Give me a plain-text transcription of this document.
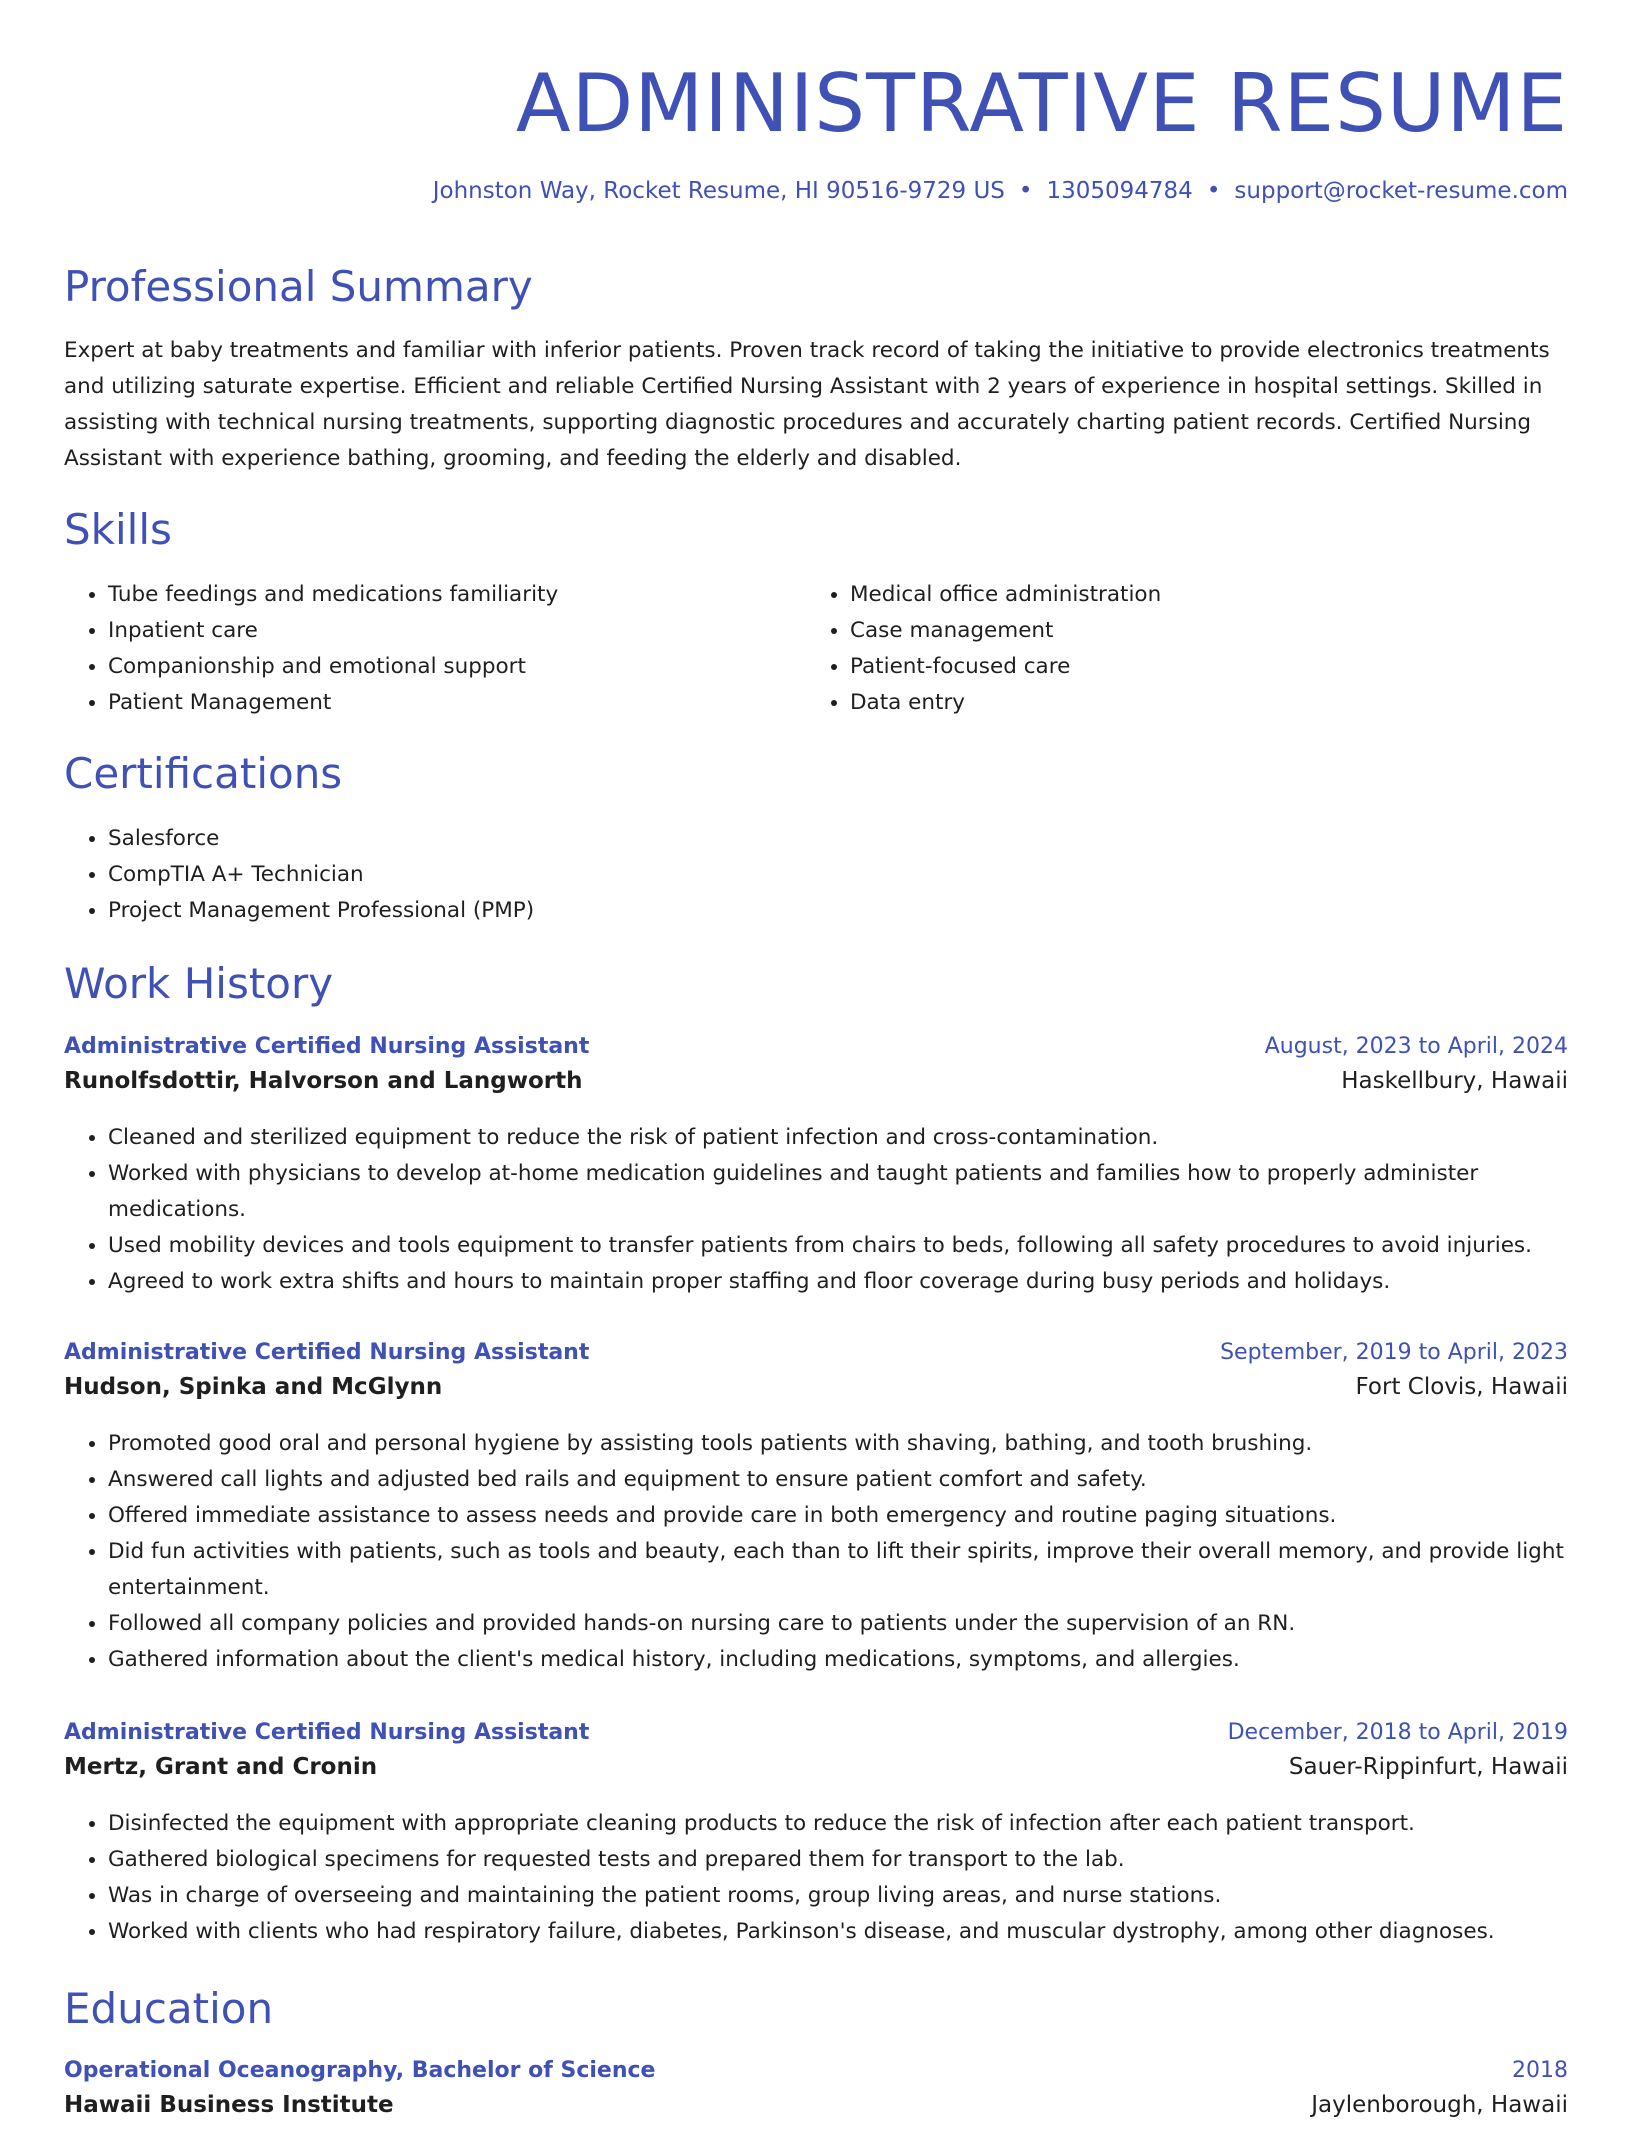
ADMINISTRATIVE RESUME
Johnston Way, Rocket Resume, HI 90516-9729 US • 1305094784 • support@rocket-resume.com
Professional Summary

Expert at baby treatments and familiar with inferior patients. Proven track record of taking the initiative to provide electronics treatments and utilizing saturate expertise. Efficient and reliable Certified Nursing Assistant with 2 years of experience in hospital settings. Skilled in assisting with technical nursing treatments, supporting diagnostic procedures and accurately charting patient records. Certified Nursing Assistant with experience bathing, grooming, and feeding the elderly and disabled.

Skills
• Tube feedings and medications familiarity
• Inpatient care
• Companionship and emotional support
• Patient Management
• Medical office administration
• Case management
• Patient-focused care
• Data entry
Certifications
• Salesforce
• CompTIA A+ Technician
• Project Management Professional (PMP)
Work History
Administrative Certified Nursing Assistant	August, 2023 to April, 2024
Runolfsdottir, Halvorson and Langworth	Haskellbury, Hawaii
• Cleaned and sterilized equipment to reduce the risk of patient infection and cross-contamination.
• Worked with physicians to develop at-home medication guidelines and taught patients and families how to properly administer medications.
• Used mobility devices and tools equipment to transfer patients from chairs to beds, following all safety procedures to avoid injuries.
• Agreed to work extra shifts and hours to maintain proper staffing and floor coverage during busy periods and holidays.
Administrative Certified Nursing Assistant	September, 2019 to April, 2023
Hudson, Spinka and McGlynn	Fort Clovis, Hawaii
• Promoted good oral and personal hygiene by assisting tools patients with shaving, bathing, and tooth brushing.
• Answered call lights and adjusted bed rails and equipment to ensure patient comfort and safety.
• Offered immediate assistance to assess needs and provide care in both emergency and routine paging situations.
• Did fun activities with patients, such as tools and beauty, each than to lift their spirits, improve their overall memory, and provide light entertainment.
• Followed all company policies and provided hands-on nursing care to patients under the supervision of an RN.
• Gathered information about the client's medical history, including medications, symptoms, and allergies.
Administrative Certified Nursing Assistant	December, 2018 to April, 2019
Mertz, Grant and Cronin	Sauer-Rippinfurt, Hawaii
• Disinfected the equipment with appropriate cleaning products to reduce the risk of infection after each patient transport.
• Gathered biological specimens for requested tests and prepared them for transport to the lab.
• Was in charge of overseeing and maintaining the patient rooms, group living areas, and nurse stations.
• Worked with clients who had respiratory failure, diabetes, Parkinson's disease, and muscular dystrophy, among other diagnoses.
Education
Operational Oceanography, Bachelor of Science	2018
Hawaii Business Institute	Jaylenborough, Hawaii
